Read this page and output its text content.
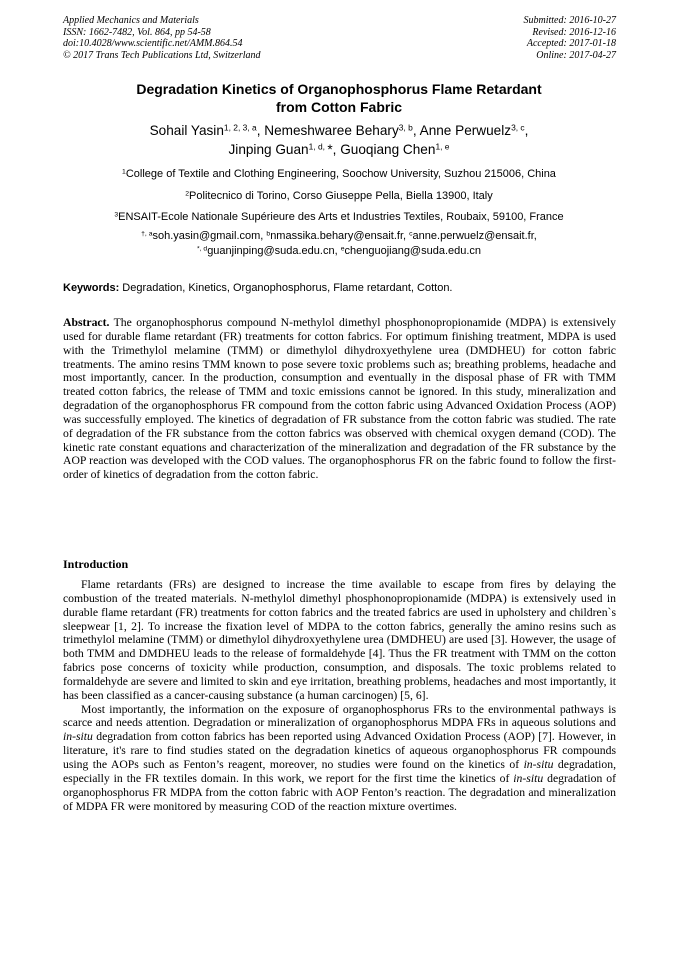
Applied Mechanics and Materials
ISSN: 1662-7482, Vol. 864, pp 54-58
doi:10.4028/www.scientific.net/AMM.864.54
© 2017 Trans Tech Publications Ltd, Switzerland
Submitted: 2016-10-27
Revised: 2016-12-16
Accepted: 2017-01-18
Online: 2017-04-27
Degradation Kinetics of Organophosphorus Flame Retardant
from Cotton Fabric
Sohail Yasin$^{1, 2, 3, a}$, Nemeshwaree Behary$^{3, b}$, Anne Perwuelz$^{3, c}$,
Jinping Guan$^{1, d,}$ *, Guoqiang Chen$^{1, e}$
$^1$College of Textile and Clothing Engineering, Soochow University, Suzhou 215006, China
$^2$Politecnico di Torino, Corso Giuseppe Pella, Biella 13900, Italy
$^3$ENSAIT-Ecole Nationale Supérieure des Arts et Industries Textiles, Roubaix, 59100, France
$^{\dagger, a}$soh.yasin@gmail.com, $^b$nmassika.behary@ensait.fr, $^c$anne.perwuelz@ensait.fr,
$^{*, d}$guanjinping@suda.edu.cn, $^e$chenguojiang@suda.edu.cn
Keywords: Degradation, Kinetics, Organophosphorus, Flame retardant, Cotton.

Abstract. The organophosphorus compound N-methylol dimethyl phosphonopropionamide (MDPA) is extensively used for durable flame retardant (FR) treatments for cotton fabrics. For optimum finishing treatment, MDPA is used with the Trimethylol melamine (TMM) or dimethylol dihydroxyethylene urea (DMDHEU) for cotton fabric treatments. The amino resins TMM known to pose severe toxic problems such as; breathing problems, headache and most importantly, cancer. In the production, consumption and eventually in the disposal phase of FR with TMM treated cotton fabrics, the release of TMM and toxic emissions cannot be ignored. In this study, mineralization and degradation of the organophosphorus FR compound from the cotton fabric using Advanced Oxidation Process (AOP) was successfully employed. The kinetics of degradation of FR substance from the cotton fabric was studied. The rate of degradation of the FR substance from the cotton fabrics was observed with chemical oxygen demand (COD). The kinetic rate constant equations and characterization of the mineralization and degradation of the FR substance by the AOP reaction was developed with the COD values. The organophosphorus FR on the fabric found to follow the first-order of kinetics of degradation from the cotton fabric.

Introduction

Flame retardants (FRs) are designed to increase the time available to escape from fires by delaying the combustion of the treated materials. N-methylol dimethyl phosphonopropionamide (MDPA) is extensively used in durable flame retardant (FR) treatments for cotton fabrics and the treated fabrics are used in upholstery and children`s sleepwear [1, 2]. To increase the fixation level of MDPA to the cotton fabrics, generally the amino resins such as trimethylol melamine (TMM) or dimethylol dihydroxyethylene urea (DMDHEU) are used [3]. However, the usage of both TMM and DMDHEU leads to the release of formaldehyde [4]. Thus the FR treatment with TMM on the cotton fabrics pose concerns of toxicity while production, consumption, and disposals. The toxic problems related to formaldehyde are severe and limited to skin and eye irritation, breathing problems, headaches and most importantly, it has been classified as a cancer-causing substance (a human carcinogen) [5, 6].

Most importantly, the information on the exposure of organophosphorus FRs to the environmental pathways is scarce and needs attention. Degradation or mineralization of organophosphorus MDPA FRs in aqueous solutions and in-situ degradation from cotton fabrics has been reported using Advanced Oxidation Process (AOP) [7]. However, in literature, it's rare to find studies stated on the degradation kinetics of aqueous organophosphorus FR compounds using the AOPs such as Fenton’s reagent, moreover, no studies were found on the kinetics of in-situ degradation, especially in the FR textiles domain. In this work, we report for the first time the kinetics of in-situ degradation of organophosphorus FR MDPA from the cotton fabric with AOP Fenton’s reaction. The degradation and mineralization of MDPA FR were monitored by measuring COD of the reaction mixture overtimes.
